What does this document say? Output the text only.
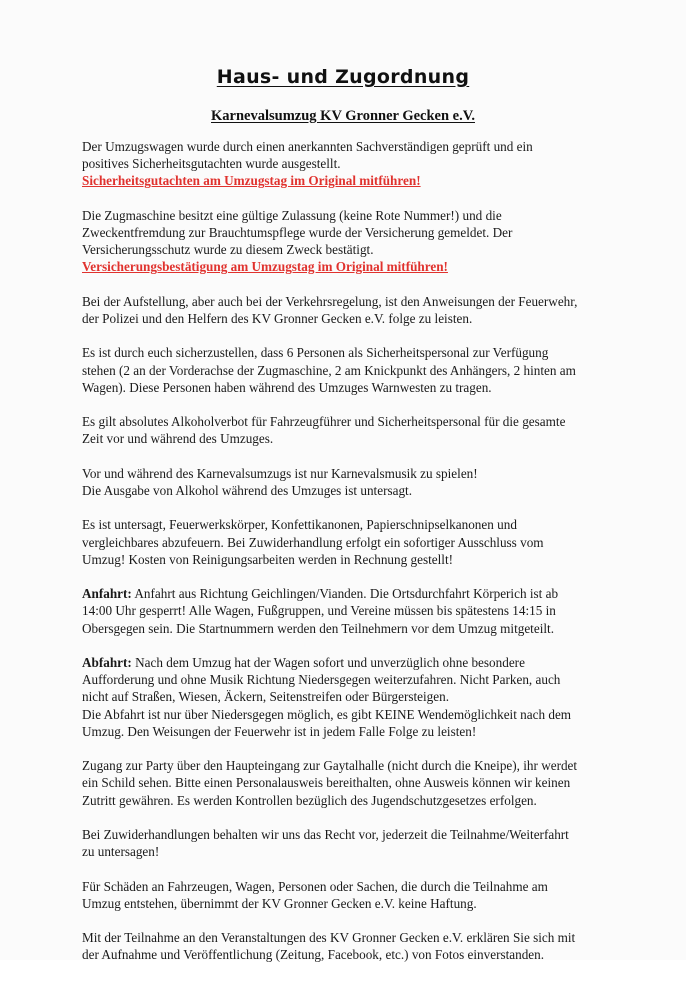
Haus- und Zugordnung
Karnevalsumzug KV Gronner Gecken e.V.
Der Umzugswagen wurde durch einen anerkannten Sachverständigen geprüft und ein
positives Sicherheitsgutachten wurde ausgestellt.
Sicherheitsgutachten am Umzugstag im Original mitführen!
Die Zugmaschine besitzt eine gültige Zulassung (keine Rote Nummer!) und die
Zweckentfremdung zur Brauchtumspflege wurde der Versicherung gemeldet. Der
Versicherungsschutz wurde zu diesem Zweck bestätigt.
Versicherungsbestätigung am Umzugstag im Original mitführen!
Bei der Aufstellung, aber auch bei der Verkehrsregelung, ist den Anweisungen der Feuerwehr,
der Polizei und den Helfern des KV Gronner Gecken e.V. folge zu leisten.
Es ist durch euch sicherzustellen, dass 6 Personen als Sicherheitspersonal zur Verfügung
stehen (2 an der Vorderachse der Zugmaschine, 2 am Knickpunkt des Anhängers, 2 hinten am
Wagen). Diese Personen haben während des Umzuges Warnwesten zu tragen.
Es gilt absolutes Alkoholverbot für Fahrzeugführer und Sicherheitspersonal für die gesamte
Zeit vor und während des Umzuges.
Vor und während des Karnevalsumzugs ist nur Karnevalsmusik zu spielen!
Die Ausgabe von Alkohol während des Umzuges ist untersagt.
Es ist untersagt, Feuerwerkskörper, Konfettikanonen, Papierschnipselkanonen und
vergleichbares abzufeuern. Bei Zuwiderhandlung erfolgt ein sofortiger Ausschluss vom
Umzug! Kosten von Reinigungsarbeiten werden in Rechnung gestellt!
Anfahrt: Anfahrt aus Richtung Geichlingen/Vianden. Die Ortsdurchfahrt Körperich ist ab
14:00 Uhr gesperrt! Alle Wagen, Fußgruppen, und Vereine müssen bis spätestens 14:15 in
Obersgegen sein. Die Startnummern werden den Teilnehmern vor dem Umzug mitgeteilt.
Abfahrt: Nach dem Umzug hat der Wagen sofort und unverzüglich ohne besondere
Aufforderung und ohne Musik Richtung Niedersgegen weiterzufahren. Nicht Parken, auch
nicht auf Straßen, Wiesen, Äckern, Seitenstreifen oder Bürgersteigen.
Die Abfahrt ist nur über Niedersgegen möglich, es gibt KEINE Wendemöglichkeit nach dem
Umzug. Den Weisungen der Feuerwehr ist in jedem Falle Folge zu leisten!
Zugang zur Party über den Haupteingang zur Gaytalhalle (nicht durch die Kneipe), ihr werdet
ein Schild sehen. Bitte einen Personalausweis bereithalten, ohne Ausweis können wir keinen
Zutritt gewähren. Es werden Kontrollen bezüglich des Jugendschutzgesetzes erfolgen.
Bei Zuwiderhandlungen behalten wir uns das Recht vor, jederzeit die Teilnahme/Weiterfahrt
zu untersagen!
Für Schäden an Fahrzeugen, Wagen, Personen oder Sachen, die durch die Teilnahme am
Umzug entstehen, übernimmt der KV Gronner Gecken e.V. keine Haftung.
Mit der Teilnahme an den Veranstaltungen des KV Gronner Gecken e.V. erklären Sie sich mit
der Aufnahme und Veröffentlichung (Zeitung, Facebook, etc.) von Fotos einverstanden.
